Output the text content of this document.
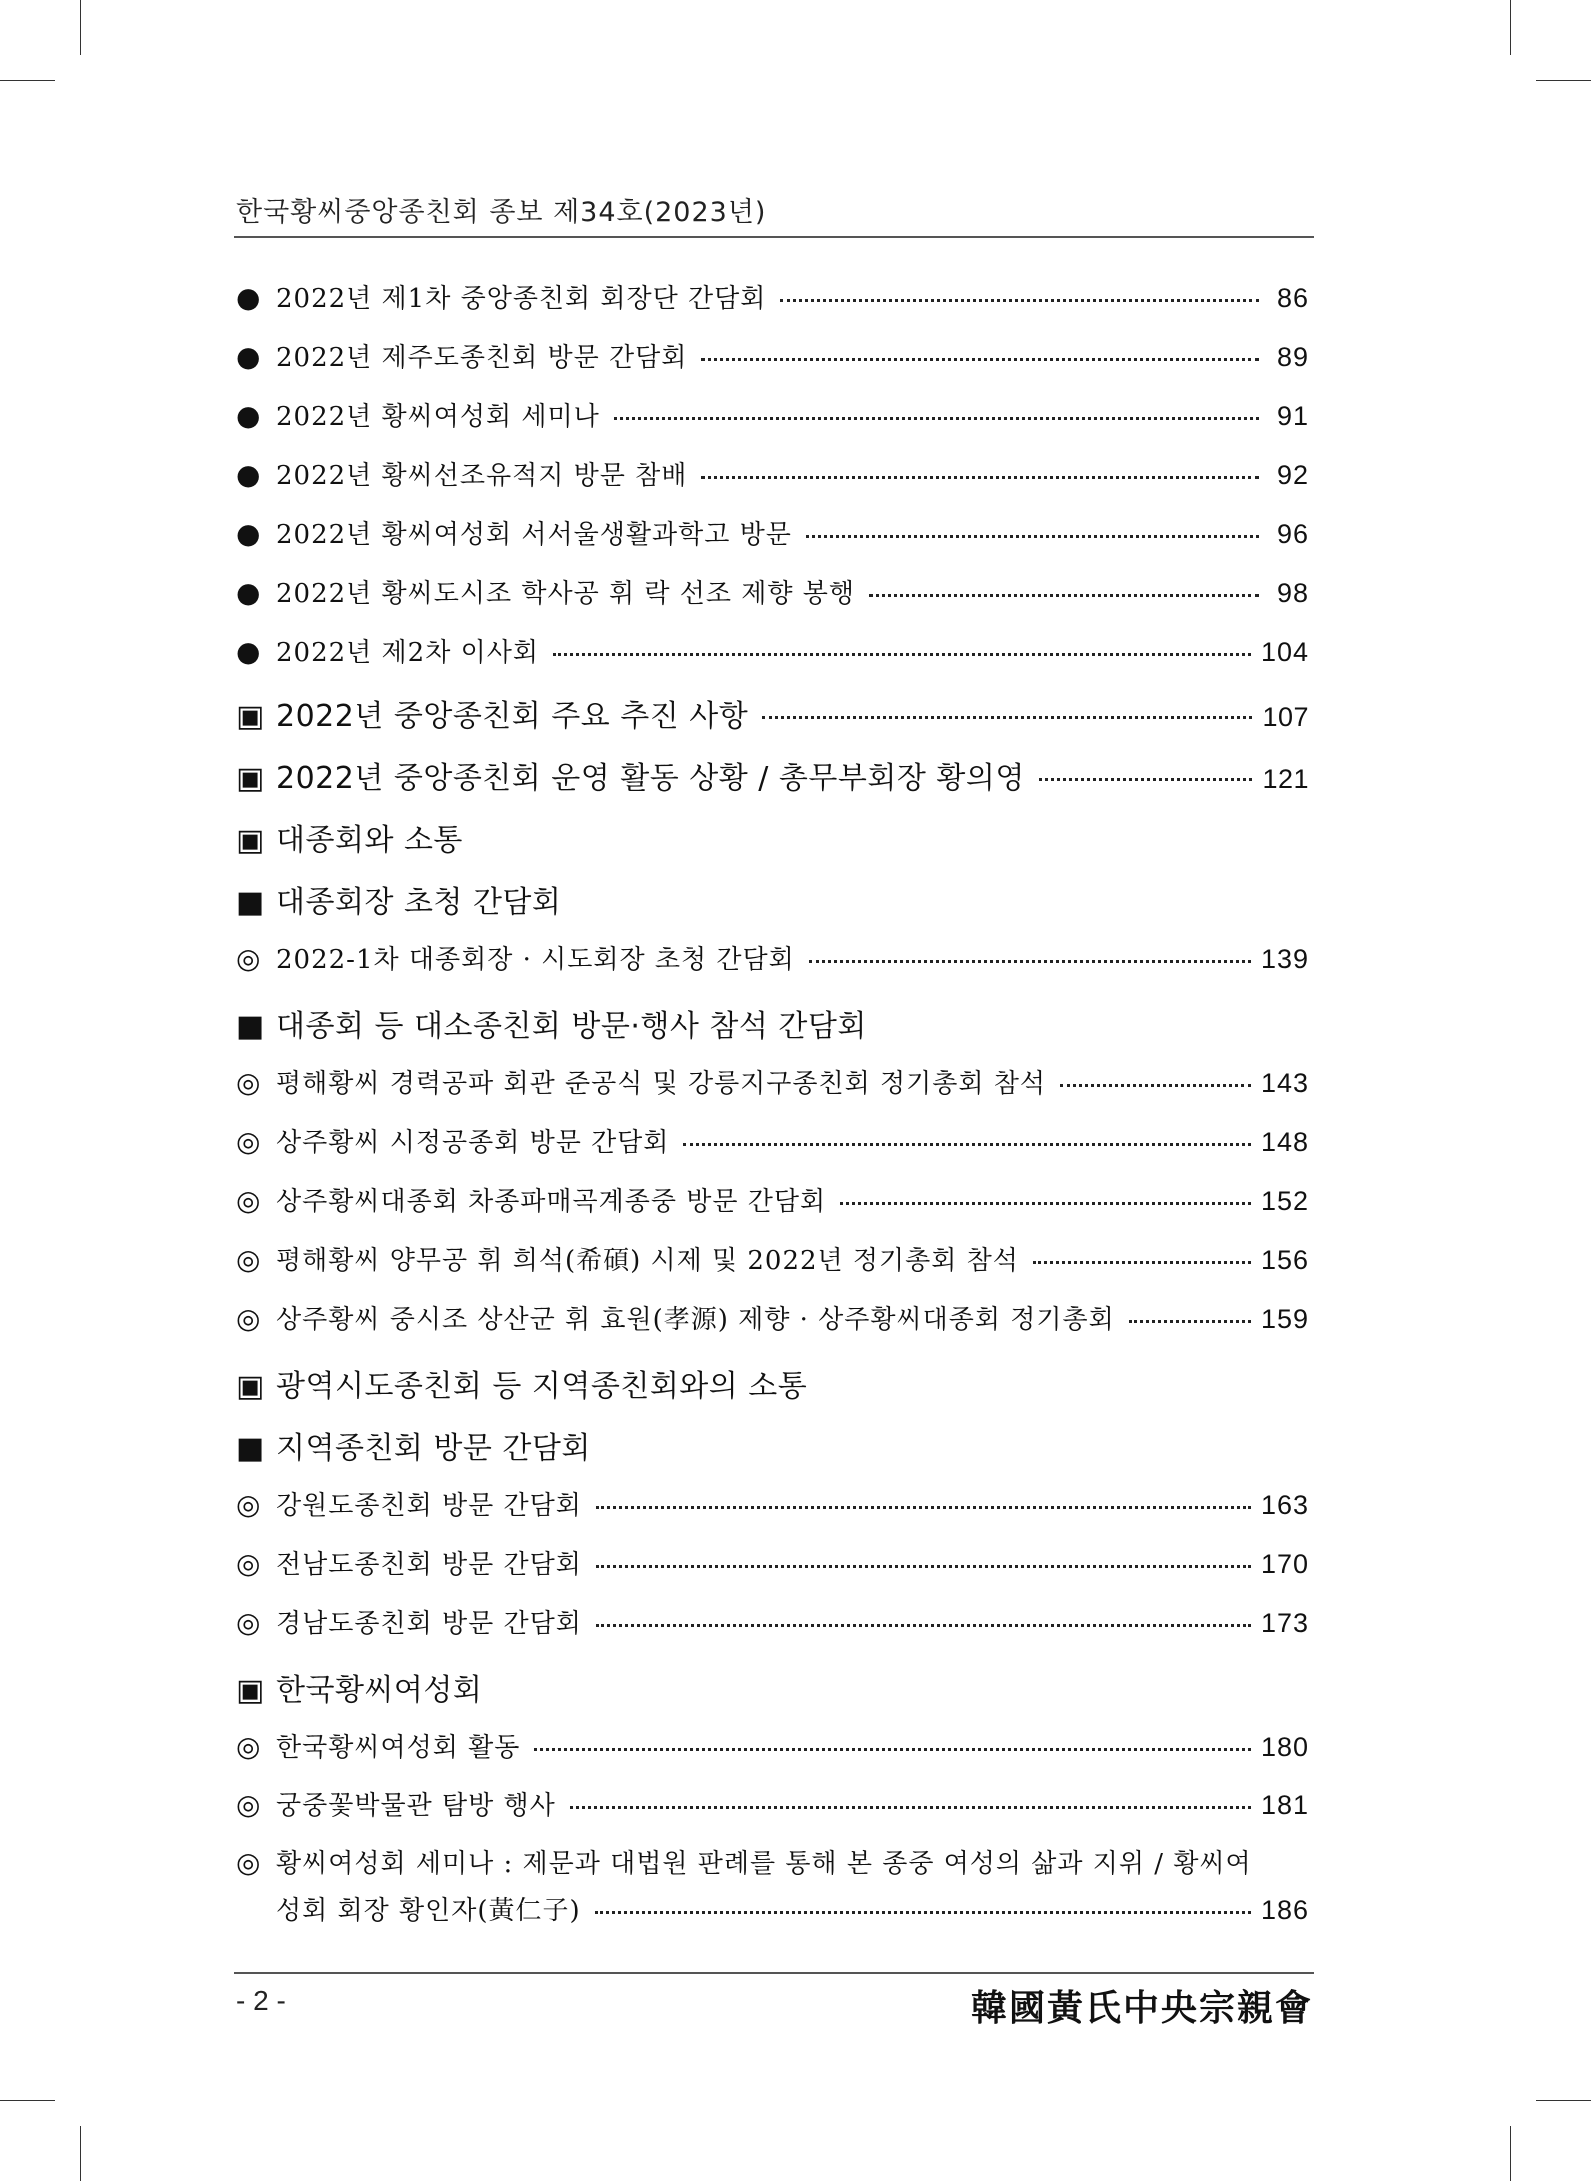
한국황씨중앙종친회 종보 제34호(2023년)
● 2022년 제1차 중앙종친회 회장단 간담회	86
● 2022년 제주도종친회 방문 간담회	89
● 2022년 황씨여성회 세미나	91
● 2022년 황씨선조유적지 방문 참배	92
● 2022년 황씨여성회 서서울생활과학고 방문	96
● 2022년 황씨도시조 학사공 휘 락 선조 제향 봉행	98
● 2022년 제2차 이사회	104
▣ 2022년 중앙종친회 주요 추진 사항	107
▣ 2022년 중앙종친회 운영 활동 상황 / 총무부회장 황의영	121
▣ 대종회와 소통
■ 대종회장 초청 간담회
◎ 2022-1차 대종회장 · 시도회장 초청 간담회	139
■ 대종회 등 대소종친회 방문·행사 참석 간담회
◎ 평해황씨 경력공파 회관 준공식 및 강릉지구종친회 정기총회 참석	143
◎ 상주황씨 시정공종회 방문 간담회	148
◎ 상주황씨대종회 차종파매곡계종중 방문 간담회	152
◎ 평해황씨 양무공 휘 희석(希碩) 시제 및 2022년 정기총회 참석	156
◎ 상주황씨 중시조 상산군 휘 효원(孝源) 제향 · 상주황씨대종회 정기총회	159
▣ 광역시도종친회 등 지역종친회와의 소통
■ 지역종친회 방문 간담회
◎ 강원도종친회 방문 간담회	163
◎ 전남도종친회 방문 간담회	170
◎ 경남도종친회 방문 간담회	173
▣ 한국황씨여성회
◎ 한국황씨여성회 활동	180
◎ 궁중꽃박물관 탐방 행사	181
◎ 황씨여성회 세미나 : 제문과 대법원 판례를 통해 본 종중 여성의 삶과 지위 / 황씨여
성회 회장 황인자(黃仁子)	186
- 2 -	韓國黃氏中央宗親會
